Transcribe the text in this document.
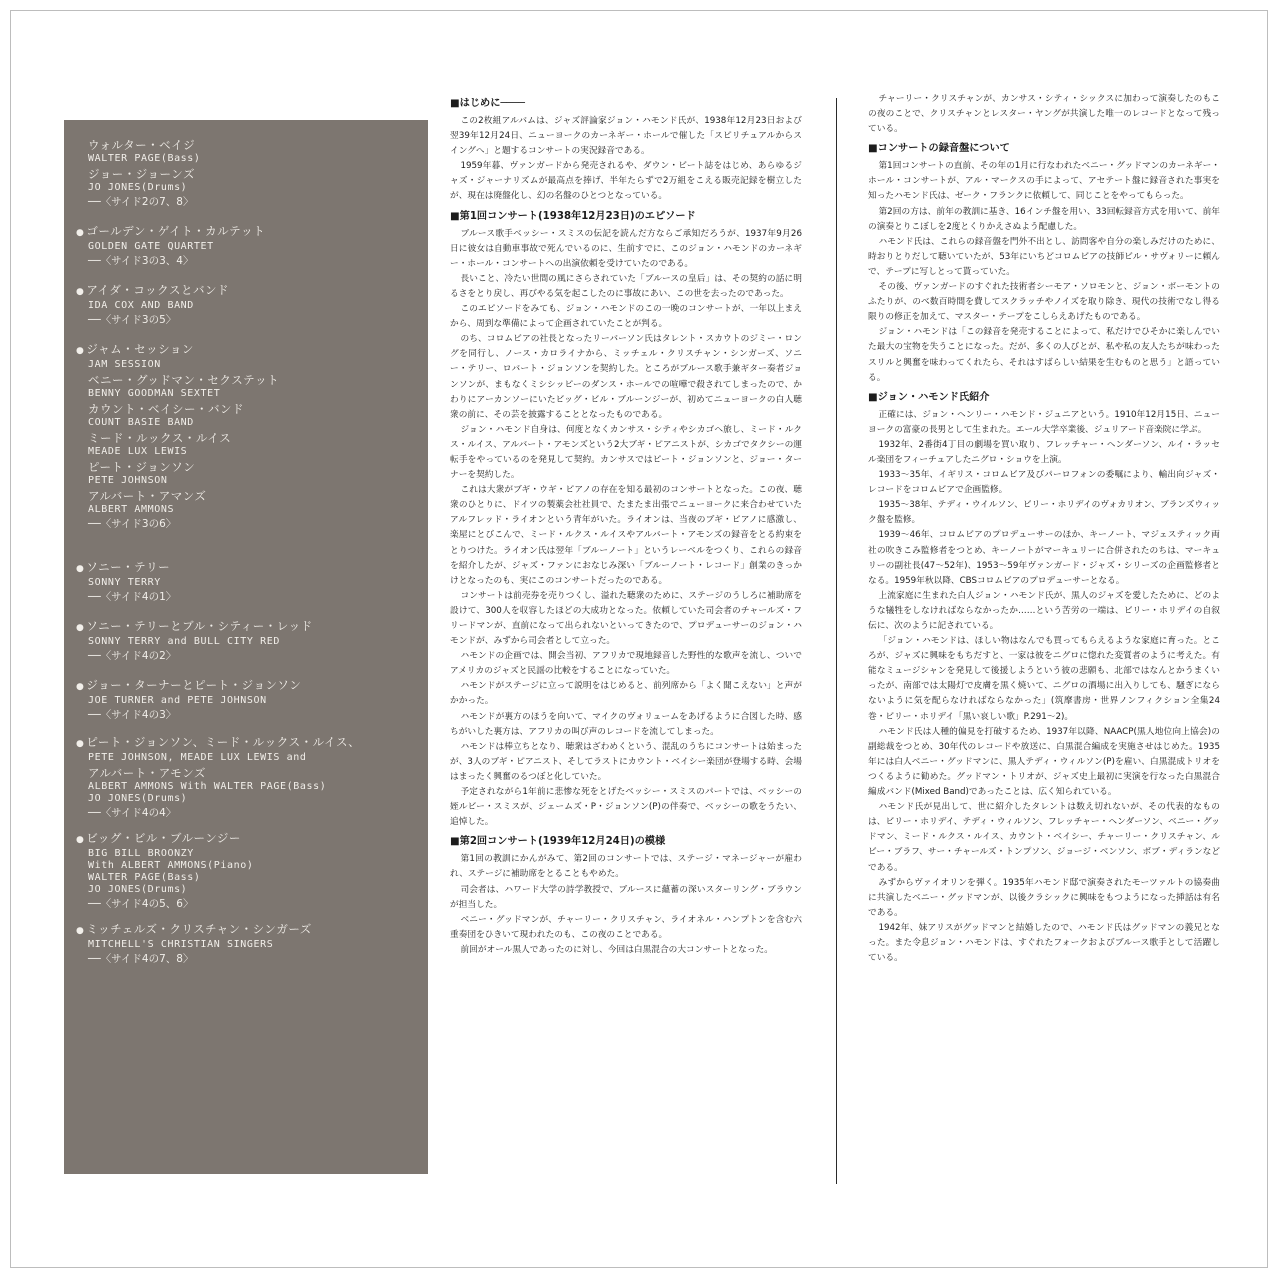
ウォルター・ベイジ
WALTER PAGE(Bass)
ジョー・ジョーンズ
JO JONES(Drums)
──〈サイド2の7、8〉
● ゴールデン・ゲイト・カルテット
GOLDEN GATE QUARTET
──〈サイド3の3、4〉
● アイダ・コックスとバンド
IDA COX AND BAND
──〈サイド3の5〉
● ジャム・セッション
JAM SESSION
ベニー・グッドマン・セクステット
BENNY GOODMAN SEXTET
カウント・ベイシー・バンド
COUNT BASIE BAND
ミード・ルックス・ルイス
MEADE LUX LEWIS
ピート・ジョンソン
PETE JOHNSON
アルバート・アマンズ
ALBERT AMMONS
──〈サイド3の6〉
● ソニー・テリー
SONNY TERRY
──〈サイド4の1〉
● ソニー・テリーとブル・シティー・レッド
SONNY TERRY and BULL CITY RED
──〈サイド4の2〉
● ジョー・ターナーとピート・ジョンソン
JOE TURNER and PETE JOHNSON
──〈サイド4の3〉
● ピート・ジョンソン、ミード・ルックス・ルイス、
PETE JOHNSON, MEADE LUX LEWIS and
アルバート・アモンズ
ALBERT AMMONS With WALTER PAGE(Bass)
JO JONES(Drums)
──〈サイド4の4〉
● ビッグ・ビル・ブルーンジー
BIG BILL BROONZY
With ALBERT AMMONS(Piano)
WALTER PAGE(Bass)
JO JONES(Drums)
──〈サイド4の5、6〉
● ミッチェルズ・クリスチャン・シンガーズ
MITCHELL'S CHRISTIAN SINGERS
──〈サイド4の7、8〉
■はじめに────

この2枚組アルバムは、ジャズ評論家ジョン・ハモンド氏が、1938年12月23日および翌39年12月24日、ニューヨークのカーネギー・ホールで催した「スピリチュアルからスイングへ」と題するコンサートの実況録音である。

1959年暮、ヴァンガードから発売されるや、ダウン・ビート誌をはじめ、あらゆるジャズ・ジャーナリズムが最高点を捧げ、半年たらずで2万組をこえる販売記録を樹立したが、現在は廃盤化し、幻の名盤のひとつとなっている。

■第1回コンサート(1938年12月23日)のエピソード

ブルース歌手ベッシー・スミスの伝記を読んだ方ならご承知だろうが、1937年9月26日に彼女は自動車事故で死んでいるのに、生前すでに、このジョン・ハモンドのカーネギー・ホール・コンサートへの出演依頼を受けていたのである。

長いこと、冷たい世間の風にさらされていた「ブルースの皇后」は、その契約の話に明るさをとり戻し、再びやる気を起こしたのに事故にあい、この世を去ったのであった。

このエピソードをみても、ジョン・ハモンドのこの一晩のコンサートが、一年以上まえから、周到な準備によって企画されていたことが判る。

のち、コロムビアの社長となったリーバーソン氏はタレント・スカウトのジミー・ロングを同行し、ノース・カロライナから、ミッチェル・クリスチャン・シンガーズ、ソニー・テリー、ロバート・ジョンソンを契約した。ところがブルース歌手兼ギター奏者ジョンソンが、まもなくミシシッピーのダンス・ホールでの喧嘩で殺されてしまったので、かわりにアーカンソーにいたビッグ・ビル・ブルーンジーが、初めてニューヨークの白人聴衆の前に、その芸を披露することとなったものである。

ジョン・ハモンド自身は、何度となくカンサス・シティやシカゴへ旅し、ミード・ルクス・ルイス、アルバート・アモンズという2大ブギ・ピアニストが、シカゴでタクシーの運転手をやっているのを発見して契約。カンサスではピート・ジョンソンと、ジョー・ターナーを契約した。

これは大衆がブギ・ウギ・ピアノの存在を知る最初のコンサートとなった。この夜、聴衆のひとりに、ドイツの製薬会社社員で、たまたま出張でニューヨークに来合わせていたアルフレッド・ライオンという青年がいた。ライオンは、当夜のブギ・ピアノに感激し、楽屋にとびこんで、ミード・ルクス・ルイスやアルバート・アモンズの録音をとる約束をとりつけた。ライオン氏は翌年「ブルーノート」というレーベルをつくり、これらの録音を紹介したが、ジャズ・ファンにおなじみ深い「ブルーノート・レコード」創業のきっかけとなったのも、実にこのコンサートだったのである。

コンサートは前売券を売りつくし、溢れた聴衆のために、ステージのうしろに補助席を設けて、300人を収容したほどの大成功となった。依頼していた司会者のチャールズ・フリードマンが、直前になって出られないといってきたので、プロデューサーのジョン・ハモンドが、みずから司会者として立った。

ハモンドの企画では、開会当初、アフリカで現地録音した野性的な歌声を流し、ついでアメリカのジャズと民謡の比較をすることになっていた。

ハモンドがステージに立って説明をはじめると、前列席から「よく聞こえない」と声がかかった。

ハモンドが裏方のほうを向いて、マイクのヴォリュームをあげるように合図した時、感ちがいした裏方は、アフリカの叫び声のレコードを流してしまった。

ハモンドは棒立ちとなり、聴衆はざわめくという、混乱のうちにコンサートは始まったが、3人のブギ・ピアニスト、そしてラストにカウント・ベイシー楽団が登場する時、会場はまったく興奮のるつぼと化していた。

予定されながら1年前に悲惨な死をとげたベッシー・スミスのパートでは、ベッシーの姪ルビー・スミスが、ジェームズ・P・ジョンソン(P)の伴奏で、ベッシーの歌をうたい、追悼した。

■第2回コンサート(1939年12月24日)の模様

第1回の教訓にかんがみて、第2回のコンサートでは、ステージ・マネージャーが雇われ、ステージに補助席をとることもやめた。

司会者は、ハワード大学の詩学教授で、ブルースに蘊蓄の深いスターリング・ブラウンが担当した。

ベニー・グッドマンが、チャーリー・クリスチャン、ライオネル・ハンプトンを含む六重奏団をひきいて現われたのも、この夜のことである。

前回がオール黒人であったのに対し、今回は白黒混合の大コンサートとなった。

チャーリー・クリスチャンが、カンサス・シティ・シックスに加わって演奏したのもこの夜のことで、クリスチャンとレスター・ヤングが共演した唯一のレコードとなって残っている。

■コンサートの録音盤について

第1回コンサートの直前、その年の1月に行なわれたベニー・グッドマンのカーネギー・ホール・コンサートが、アル・マークスの手によって、アセテート盤に録音された事実を知ったハモンド氏は、ゼーク・フランクに依頼して、同じことをやってもらった。

第2回の方は、前年の教訓に基き、16インチ盤を用い、33回転録音方式を用いて、前年の演奏とりこぼしを2度とくりかえさぬよう配慮した。

ハモンド氏は、これらの録音盤を門外不出とし、訪問客や自分の楽しみだけのために、時おりとりだして聴いていたが、53年にいちどコロムビアの技師ビル・サヴォリーに頼んで、テープに写しとって貰っていた。

その後、ヴァンガードのすぐれた技術者シーモア・ソロモンと、ジョン・ボーモントのふたりが、のべ数百時間を費してスクラッチやノイズを取り除き、現代の技術でなし得る限りの修正を加えて、マスター・テープをこしらえあげたものである。

ジョン・ハモンドは「この録音を発売することによって、私だけでひそかに楽しんでいた最大の宝物を失うことになった。だが、多くの人びとが、私や私の友人たちが味わったスリルと興奮を味わってくれたら、それはすばらしい結果を生むものと思う」と語っている。

■ジョン・ハモンド氏紹介

正確には、ジョン・ヘンリー・ハモンド・ジュニアという。1910年12月15日、ニューヨークの富豪の長男として生まれた。エール大学卒業後、ジュリアード音楽院に学ぶ。

1932年、2番街4丁目の劇場を買い取り、フレッチャー・ヘンダーソン、ルイ・ラッセル楽団をフィーチュアしたニグロ・ショウを上演。

1933〜35年、イギリス・コロムビア及びパーロフォンの委嘱により、輸出向ジャズ・レコードをコロムビアで企画監修。

1935〜38年、テディ・ウイルソン、ビリー・ホリデイのヴォカリオン、ブランズウィック盤を監修。

1939〜46年、コロムビアのプロデューサーのほか、キーノート、マジェスティック両社の吹きこみ監修者をつとめ、キーノートがマーキュリーに合併されたのちは、マーキュリーの副社長(47〜52年)、1953〜59年ヴァンガード・ジャズ・シリーズの企画監修者となる。1959年秋以降、CBSコロムビアのプロデューサーとなる。

上流家庭に生まれた白人ジョン・ハモンド氏が、黒人のジャズを愛したために、どのような犠牲をしなければならなかったか……という苦労の一端は、ビリー・ホリデイの自叙伝に、次のように記されている。

「ジョン・ハモンドは、ほしい物はなんでも買ってもらえるような家庭に育った。ところが、ジャズに興味をもちだすと、一家は彼をニグロに惚れた変質者のように考えた。有能なミュージシャンを発見して後援しようという彼の悲願も、北部ではなんとかうまくいったが、南部では太陽灯で皮膚を黒く焼いて、ニグロの酒場に出入りしても、騒ぎにならないように気を配らなければならなかった」(筑摩書房・世界ノンフィクション全集24巻・ビリー・ホリデイ「黒い哀しい歌」P.291〜2)。

ハモンド氏は人種的偏見を打破するため、1937年以降、NAACP(黒人地位向上協会)の副総裁をつとめ、30年代のレコードや放送に、白黒混合編成を実施させはじめた。1935年には白人ベニー・グッドマンに、黒人テディ・ウィルソン(P)を雇い、白黒混成トリオをつくるように勧めた。グッドマン・トリオが、ジャズ史上最初に実演を行なった白黒混合編成バンド(Mixed Band)であったことは、広く知られている。

ハモンド氏が見出して、世に紹介したタレントは数え切れないが、その代表的なものは、ビリー・ホリデイ、テディ・ウィルソン、フレッチャー・ヘンダーソン、ベニー・グッドマン、ミード・ルクス・ルイス、カウント・ベイシー、チャーリー・クリスチャン、ルビー・ブラフ、サー・チャールズ・トンプソン、ジョージ・ベンソン、ボブ・ディランなどである。

みずからヴァイオリンを弾く。1935年ハモンド邸で演奏されたモーツァルトの協奏曲に共演したベニー・グッドマンが、以後クラシックに興味をもつようになった挿話は有名である。

1942年、妹アリスがグッドマンと結婚したので、ハモンド氏はグッドマンの義兄となった。また令息ジョン・ハモンドは、すぐれたフォークおよびブルース歌手として活躍している。
